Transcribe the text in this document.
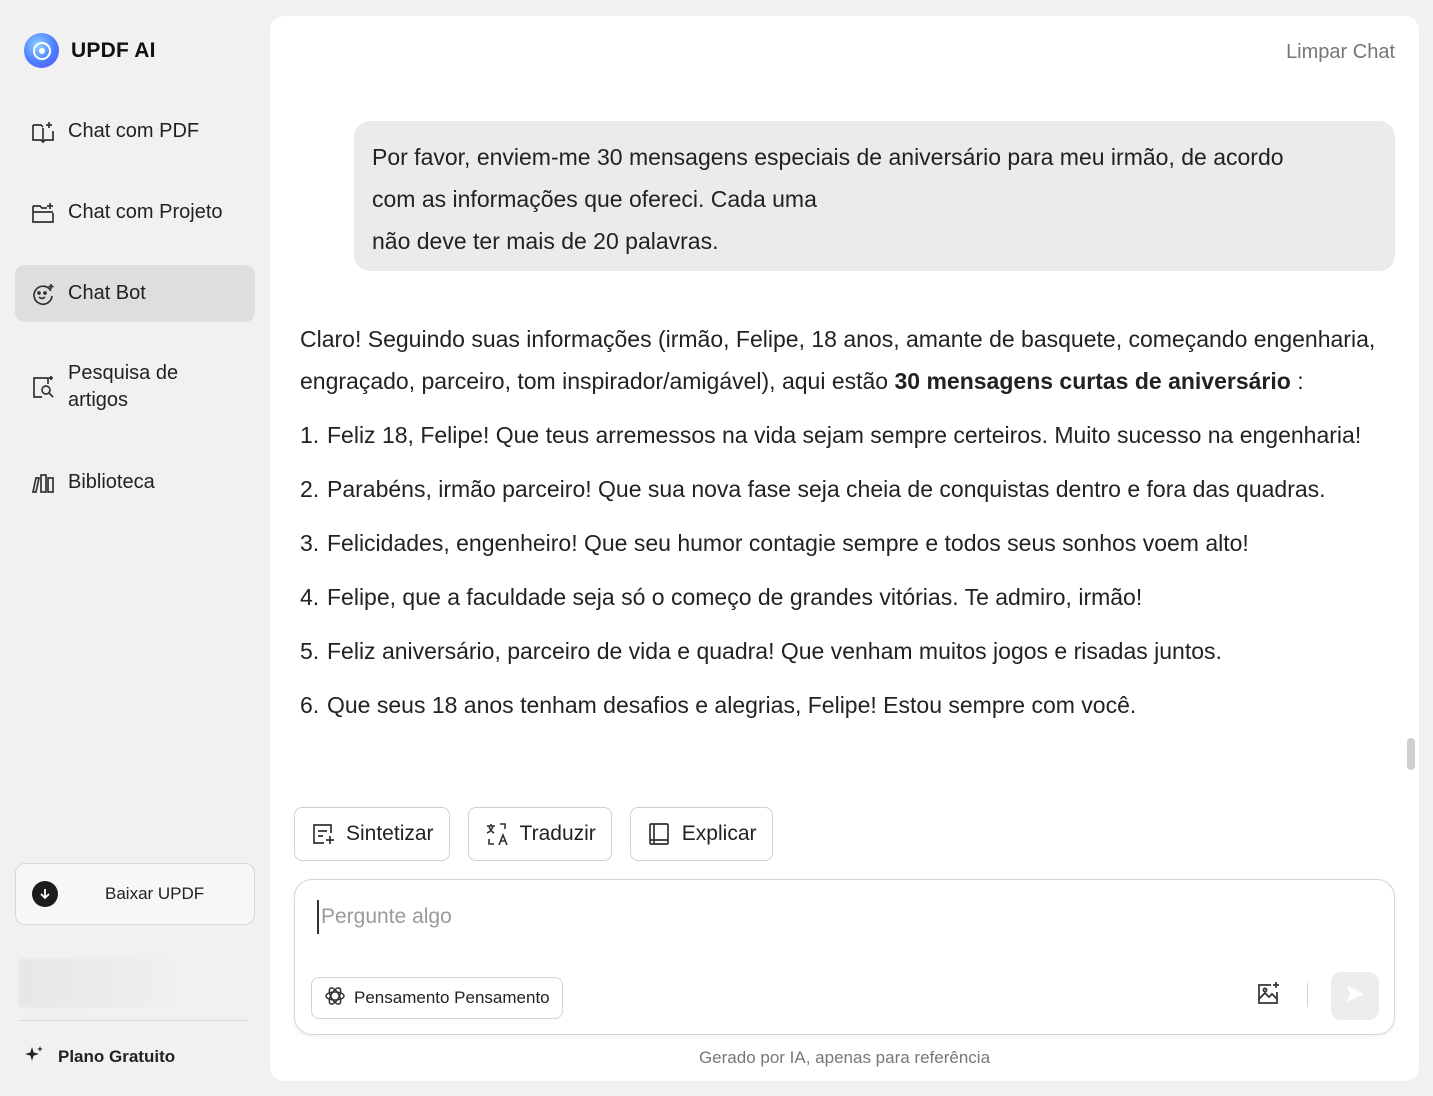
UPDF AI
Chat com PDF
Chat com Projeto
Chat Bot
Pesquisa de artigos
Biblioteca
Baixar UPDF
Plano Gratuito
Limpar Chat
Por favor, enviem-me 30 mensagens especiais de aniversário para meu irmão, de acordo
com as informações que ofereci. Cada uma
não deve ter mais de 20 palavras.

Claro! Seguindo suas informações (irmão, Felipe, 18 anos, amante de basquete, começando engenharia, engraçado, parceiro, tom inspirador/amigável), aqui estão 30 mensagens curtas de aniversário :

1. Feliz 18, Felipe! Que teus arremessos na vida sejam sempre certeiros. Muito sucesso na engenharia!
2. Parabéns, irmão parceiro! Que sua nova fase seja cheia de conquistas dentro e fora das quadras.
3. Felicidades, engenheiro! Que seu humor contagie sempre e todos seus sonhos voem alto!
4. Felipe, que a faculdade seja só o começo de grandes vitórias. Te admiro, irmão!
5. Feliz aniversário, parceiro de vida e quadra! Que venham muitos jogos e risadas juntos.
6. Que seus 18 anos tenham desafios e alegrias, Felipe! Estou sempre com você.
Sintetizar	Traduzir	Explicar
Pergunte algo
Pensamento Pensamento
Gerado por IA, apenas para referência
